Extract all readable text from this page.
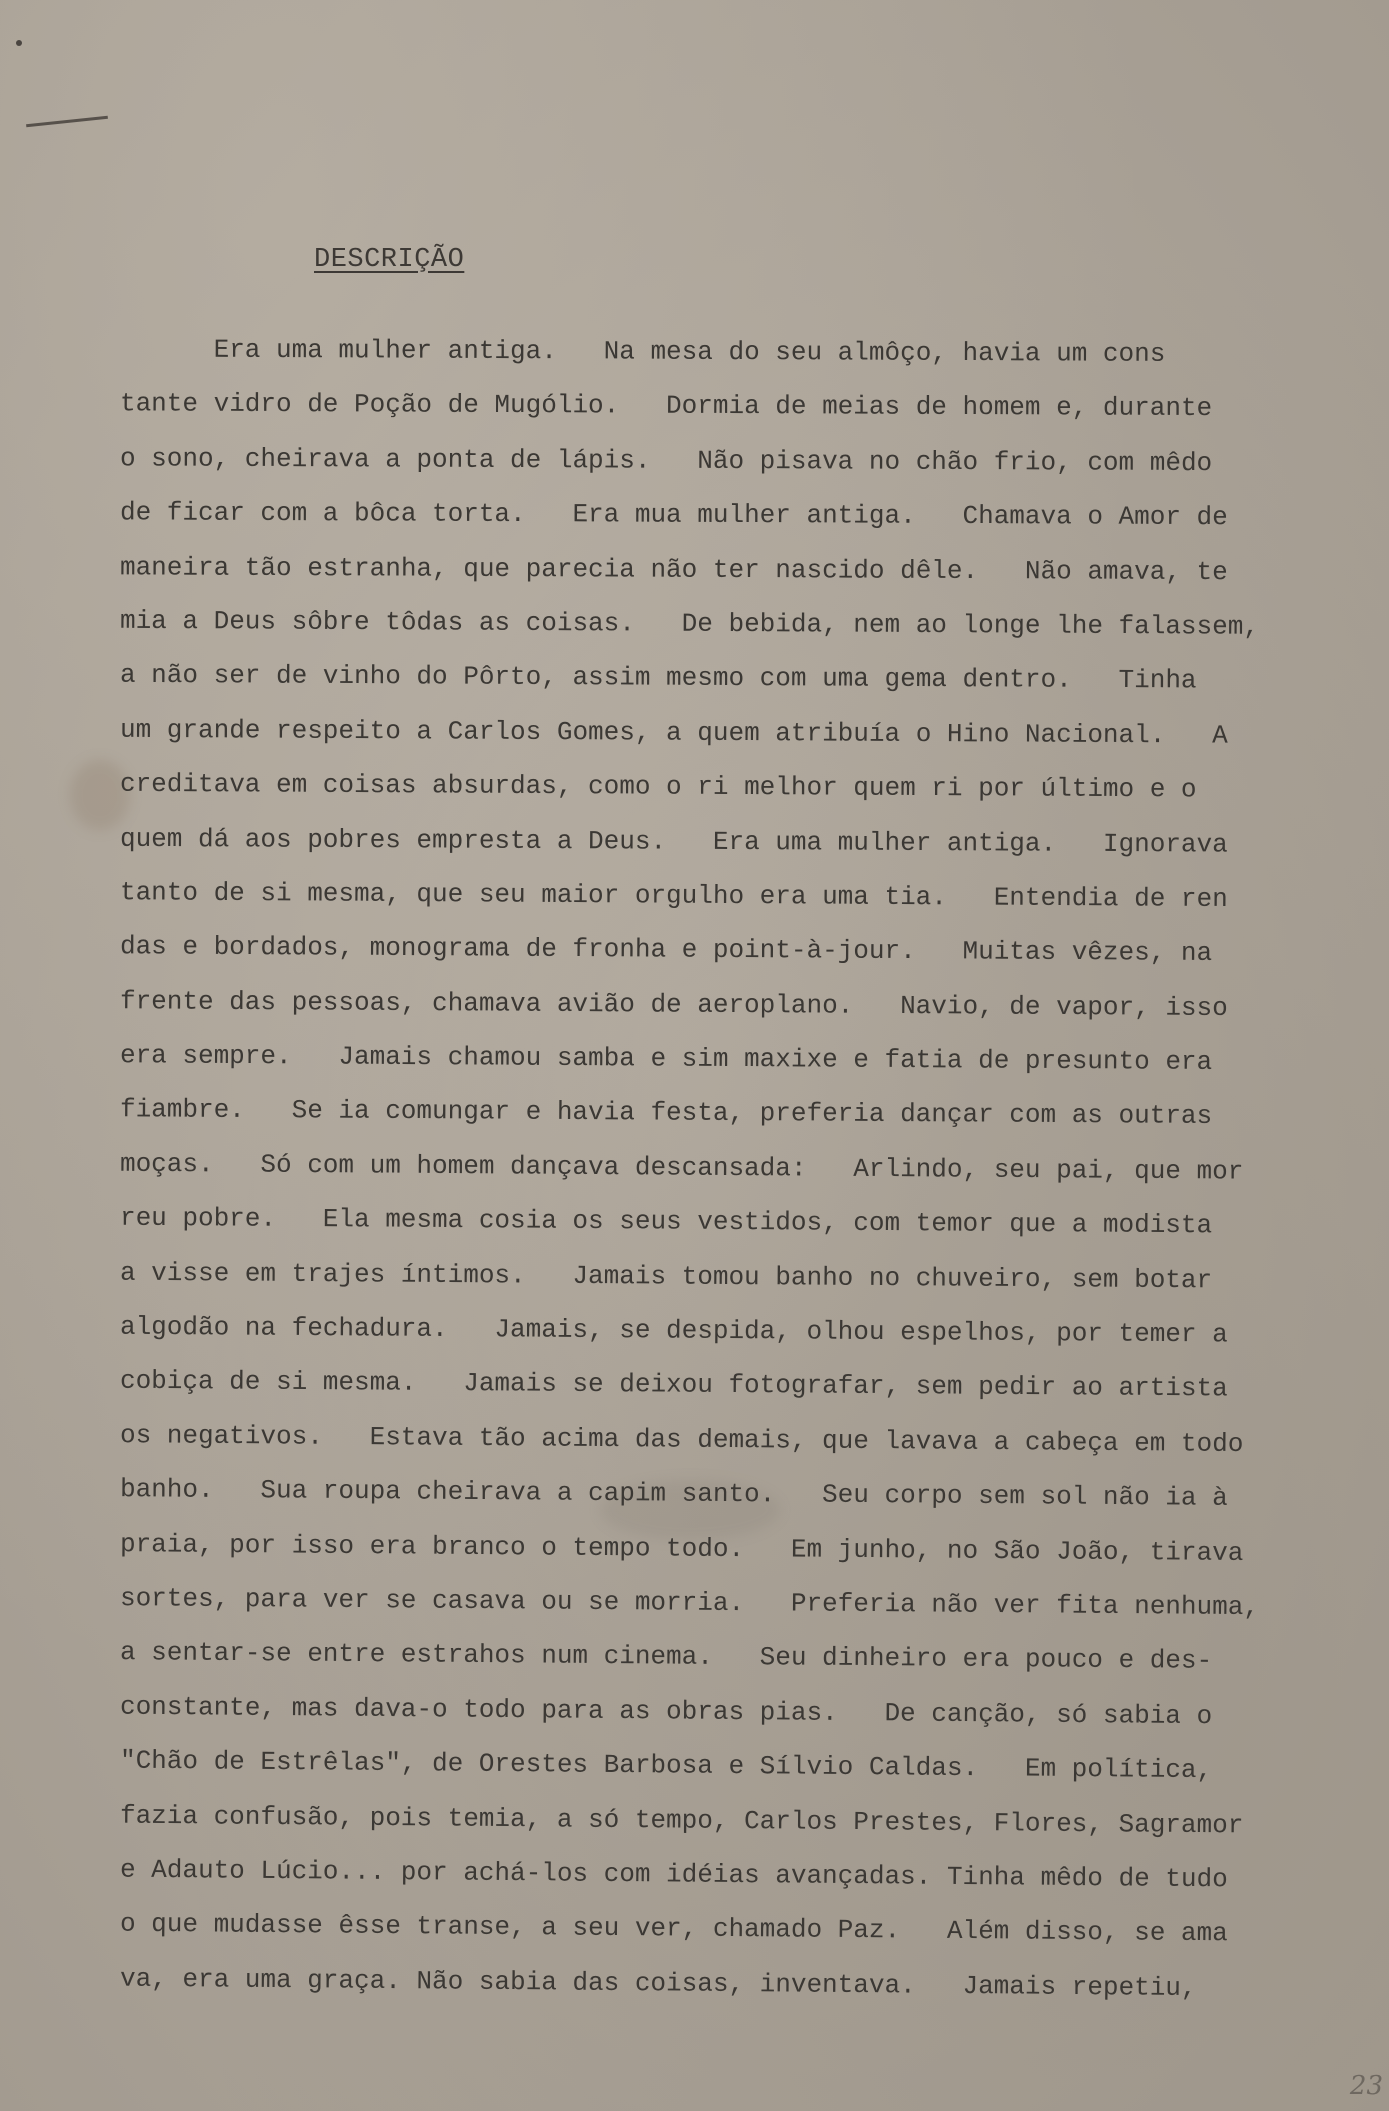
DESCRIÇÃO
Era uma mulher antiga.   Na mesa do seu almôço, havia um cons
tante vidro de Poção de Mugólio.   Dormia de meias de homem e, durante
o sono, cheirava a ponta de lápis.   Não pisava no chão frio, com mêdo
de ficar com a bôca torta.   Era mua mulher antiga.   Chamava o Amor de
maneira tão estranha, que parecia não ter nascido dêle.   Não amava, te
mia a Deus sôbre tôdas as coisas.   De bebida, nem ao longe lhe falassem,
a não ser de vinho do Pôrto, assim mesmo com uma gema dentro.   Tinha
um grande respeito a Carlos Gomes, a quem atribuía o Hino Nacional.   A
creditava em coisas absurdas, como o ri melhor quem ri por último e o
quem dá aos pobres empresta a Deus.   Era uma mulher antiga.   Ignorava
tanto de si mesma, que seu maior orgulho era uma tia.   Entendia de ren
das e bordados, monograma de fronha e point-à-jour.   Muitas vêzes, na
frente das pessoas, chamava avião de aeroplano.   Navio, de vapor, isso
era sempre.   Jamais chamou samba e sim maxixe e fatia de presunto era
fiambre.   Se ia comungar e havia festa, preferia dançar com as outras
moças.   Só com um homem dançava descansada:   Arlindo, seu pai, que mor
reu pobre.   Ela mesma cosia os seus vestidos, com temor que a modista
a visse em trajes íntimos.   Jamais tomou banho no chuveiro, sem botar
algodão na fechadura.   Jamais, se despida, olhou espelhos, por temer a
cobiça de si mesma.   Jamais se deixou fotografar, sem pedir ao artista
os negativos.   Estava tão acima das demais, que lavava a cabeça em todo
banho.   Sua roupa cheirava a capim santo.   Seu corpo sem sol não ia à
praia, por isso era branco o tempo todo.   Em junho, no São João, tirava
sortes, para ver se casava ou se morria.   Preferia não ver fita nenhuma,
a sentar-se entre estrahos num cinema.   Seu dinheiro era pouco e des-
constante, mas dava-o todo para as obras pias.   De canção, só sabia o
"Chão de Estrêlas", de Orestes Barbosa e Sílvio Caldas.   Em política,
fazia confusão, pois temia, a só tempo, Carlos Prestes, Flores, Sagramor
e Adauto Lúcio... por achá-los com idéias avançadas. Tinha mêdo de tudo
o que mudasse êsse transe, a seu ver, chamado Paz.   Além disso, se ama
va, era uma graça. Não sabia das coisas, inventava.   Jamais repetiu,
23
